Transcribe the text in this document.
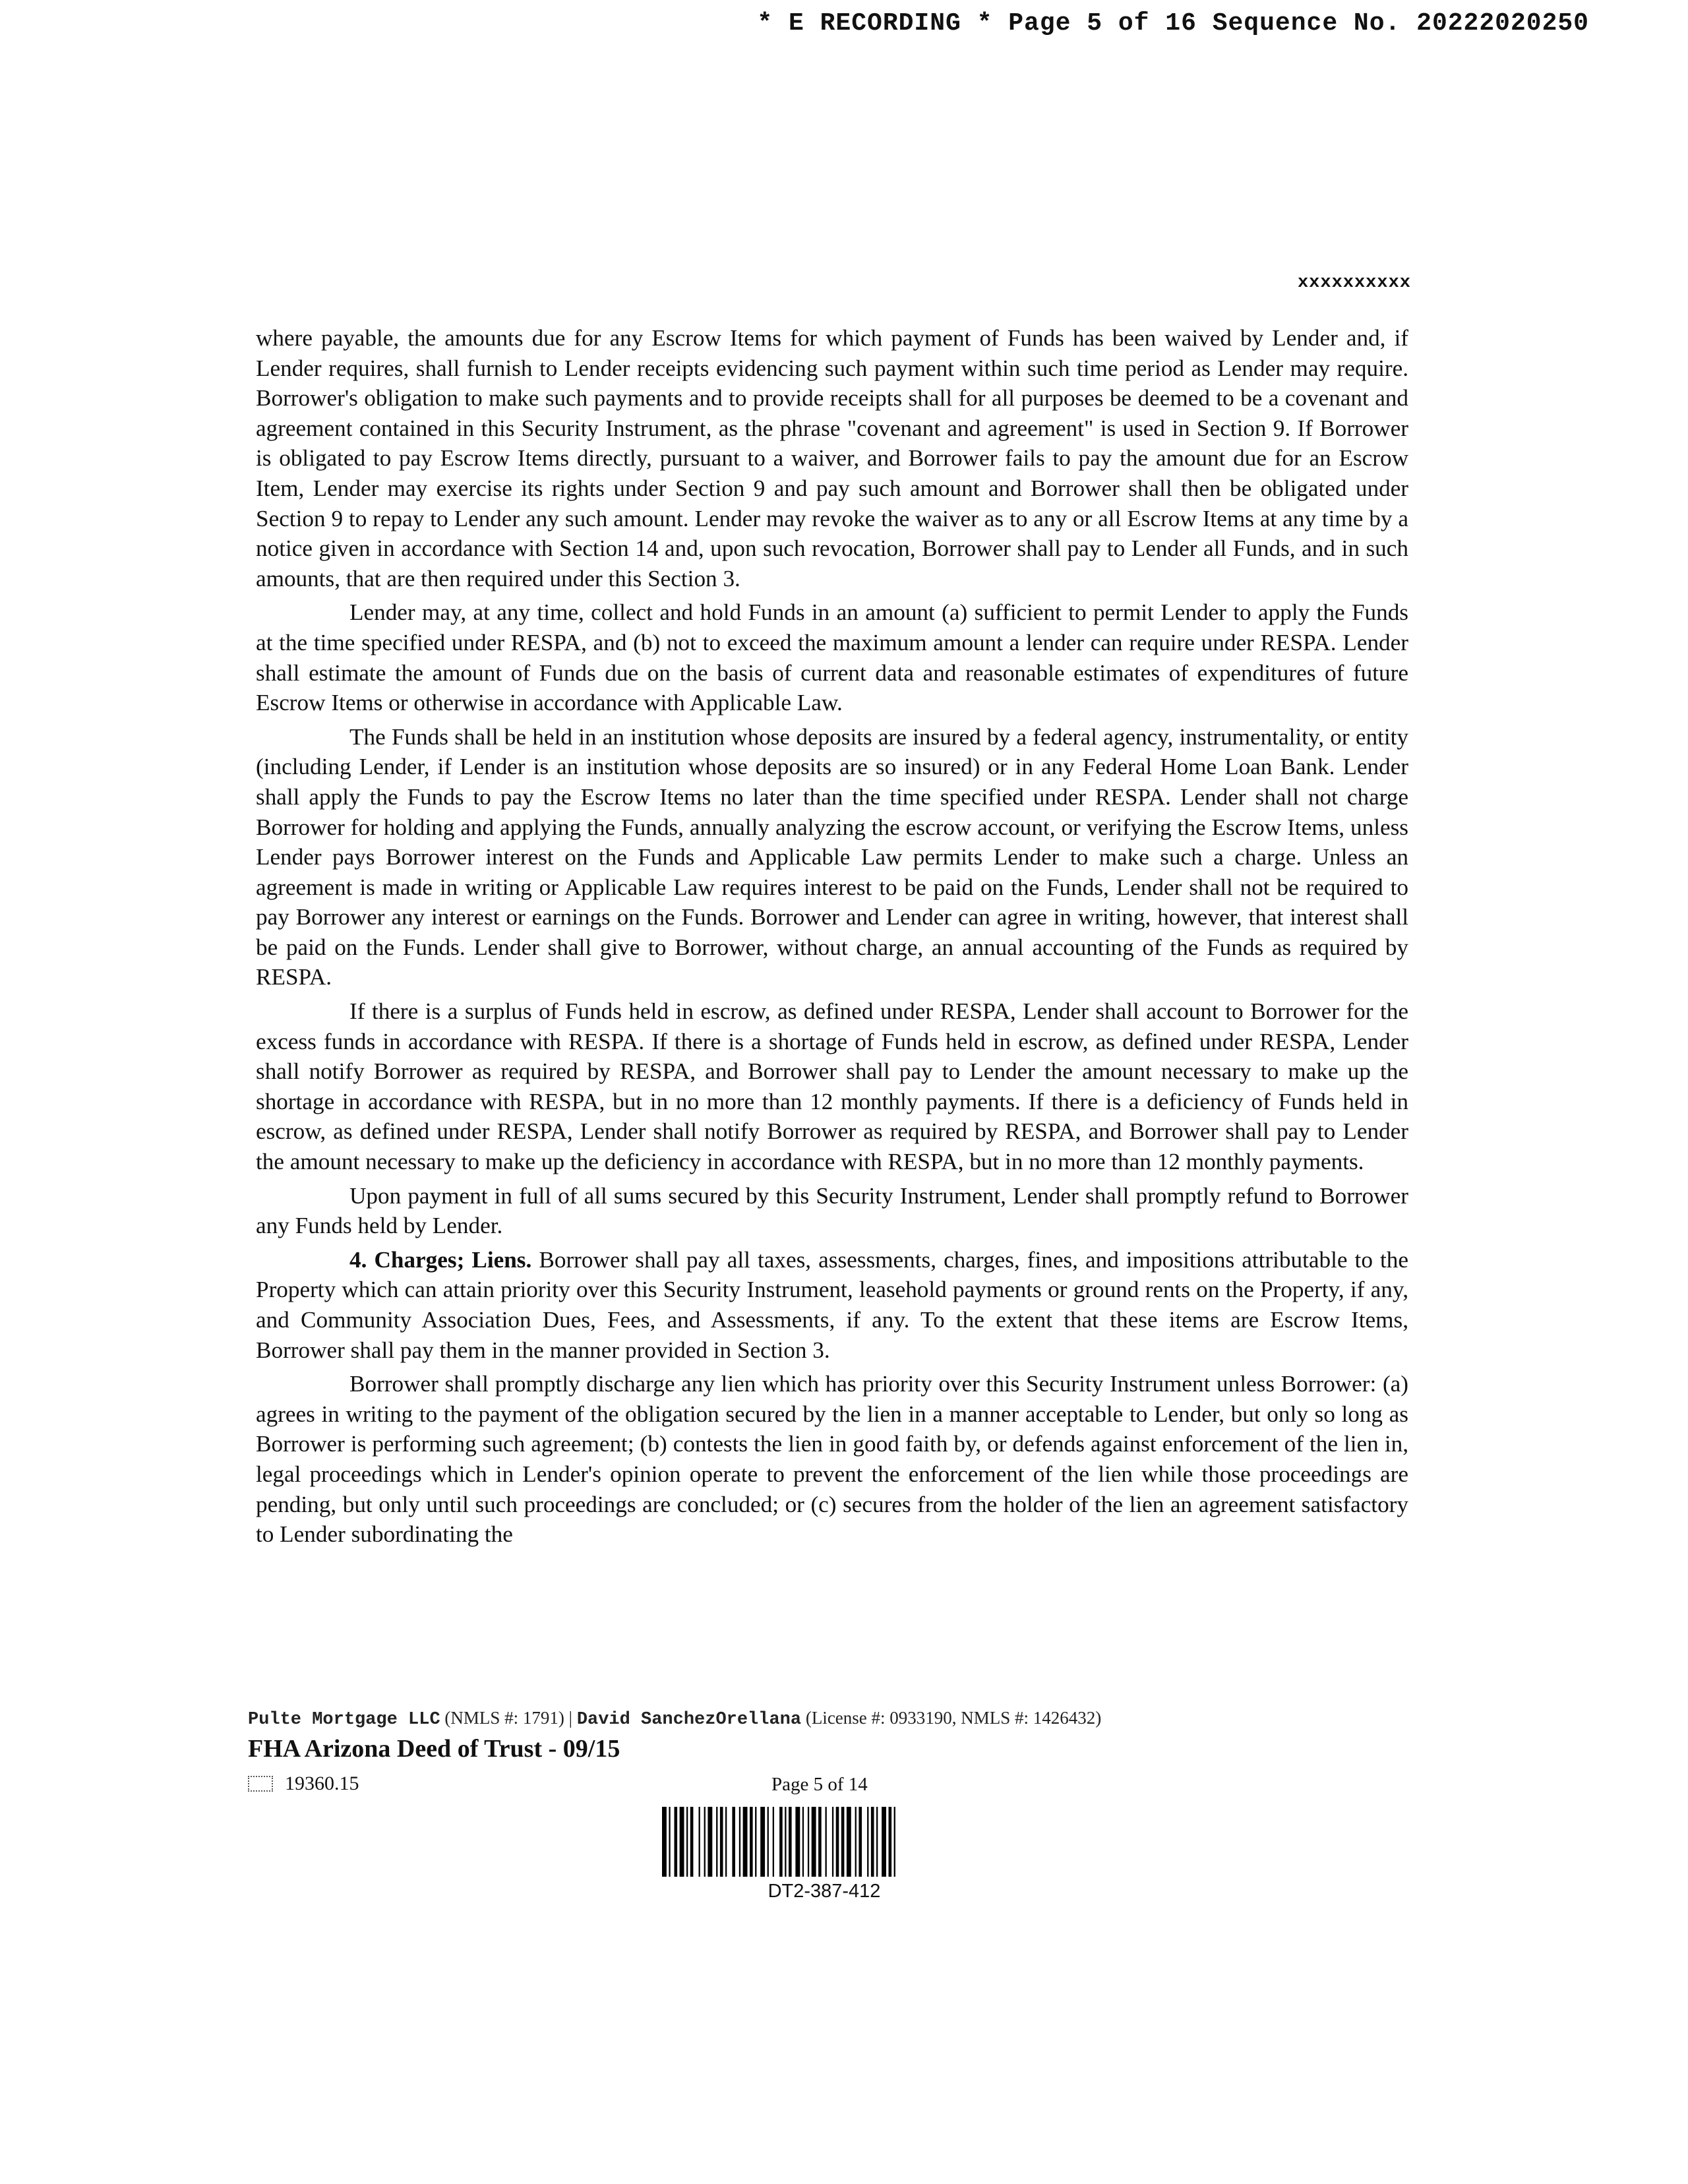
* E RECORDING * Page 5 of 16 Sequence No. 20222020250
xxxxxxxxxx

where payable, the amounts due for any Escrow Items for which payment of Funds has been waived by Lender and, if Lender requires, shall furnish to Lender receipts evidencing such payment within such time period as Lender may require. Borrower's obligation to make such payments and to provide receipts shall for all purposes be deemed to be a covenant and agreement contained in this Security Instrument, as the phrase "covenant and agreement" is used in Section 9. If Borrower is obligated to pay Escrow Items directly, pursuant to a waiver, and Borrower fails to pay the amount due for an Escrow Item, Lender may exercise its rights under Section 9 and pay such amount and Borrower shall then be obligated under Section 9 to repay to Lender any such amount. Lender may revoke the waiver as to any or all Escrow Items at any time by a notice given in accordance with Section 14 and, upon such revocation, Borrower shall pay to Lender all Funds, and in such amounts, that are then required under this Section 3.

Lender may, at any time, collect and hold Funds in an amount (a) sufficient to permit Lender to apply the Funds at the time specified under RESPA, and (b) not to exceed the maximum amount a lender can require under RESPA. Lender shall estimate the amount of Funds due on the basis of current data and reasonable estimates of expenditures of future Escrow Items or otherwise in accordance with Applicable Law.

The Funds shall be held in an institution whose deposits are insured by a federal agency, instrumentality, or entity (including Lender, if Lender is an institution whose deposits are so insured) or in any Federal Home Loan Bank. Lender shall apply the Funds to pay the Escrow Items no later than the time specified under RESPA. Lender shall not charge Borrower for holding and applying the Funds, annually analyzing the escrow account, or verifying the Escrow Items, unless Lender pays Borrower interest on the Funds and Applicable Law permits Lender to make such a charge. Unless an agreement is made in writing or Applicable Law requires interest to be paid on the Funds, Lender shall not be required to pay Borrower any interest or earnings on the Funds. Borrower and Lender can agree in writing, however, that interest shall be paid on the Funds. Lender shall give to Borrower, without charge, an annual accounting of the Funds as required by RESPA.

If there is a surplus of Funds held in escrow, as defined under RESPA, Lender shall account to Borrower for the excess funds in accordance with RESPA. If there is a shortage of Funds held in escrow, as defined under RESPA, Lender shall notify Borrower as required by RESPA, and Borrower shall pay to Lender the amount necessary to make up the shortage in accordance with RESPA, but in no more than 12 monthly payments. If there is a deficiency of Funds held in escrow, as defined under RESPA, Lender shall notify Borrower as required by RESPA, and Borrower shall pay to Lender the amount necessary to make up the deficiency in accordance with RESPA, but in no more than 12 monthly payments.

Upon payment in full of all sums secured by this Security Instrument, Lender shall promptly refund to Borrower any Funds held by Lender.

4. Charges; Liens. Borrower shall pay all taxes, assessments, charges, fines, and impositions attributable to the Property which can attain priority over this Security Instrument, leasehold payments or ground rents on the Property, if any, and Community Association Dues, Fees, and Assessments, if any. To the extent that these items are Escrow Items, Borrower shall pay them in the manner provided in Section 3.

Borrower shall promptly discharge any lien which has priority over this Security Instrument unless Borrower: (a) agrees in writing to the payment of the obligation secured by the lien in a manner acceptable to Lender, but only so long as Borrower is performing such agreement; (b) contests the lien in good faith by, or defends against enforcement of the lien in, legal proceedings which in Lender's opinion operate to prevent the enforcement of the lien while those proceedings are pending, but only until such proceedings are concluded; or (c) secures from the holder of the lien an agreement satisfactory to Lender subordinating the

Pulte Mortgage LLC (NMLS #: 1791) | David SanchezOrellana (License #: 0933190, NMLS #: 1426432)
FHA Arizona Deed of Trust - 09/15
19360.15	Page 5 of 14
DT2-387-412
